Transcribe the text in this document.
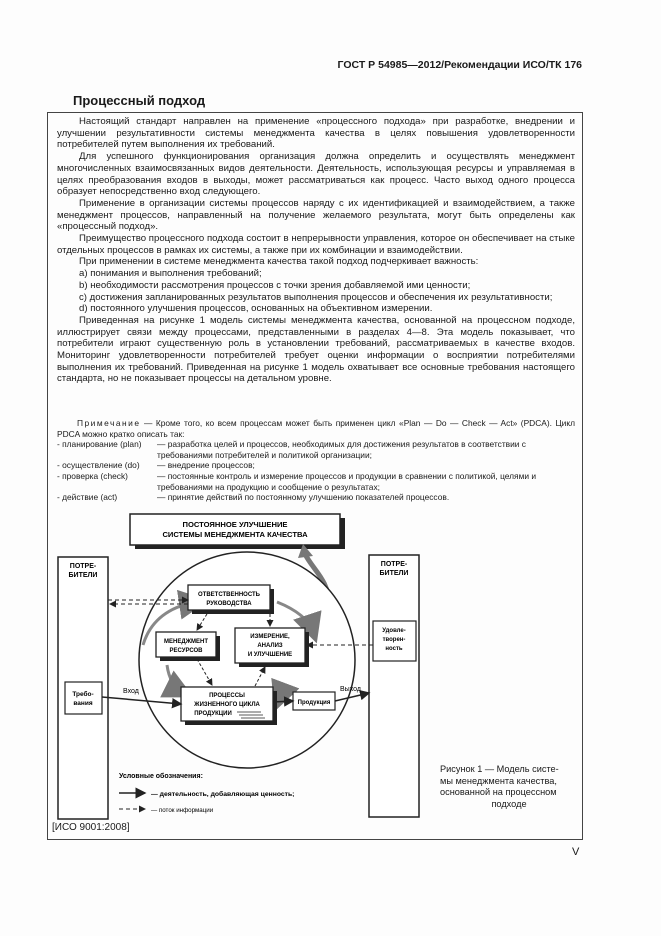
ГОСТ Р 54985—2012/Рекомендации ИСО/ТК 176
Процессный подход

Настоящий стандарт направлен на применение «процессного подхода» при разработке, внедрении и улучшении результативности системы менеджмента качества в целях повышения удовлетворенности потребителей путем выполнения их требований.

Для успешного функционирования организация должна определить и осуществлять менеджмент многочисленных взаимосвязанных видов деятельности. Деятельность, использующая ресурсы и управляемая в целях преобразования входов в выходы, может рассматриваться как процесс. Часто выход одного процесса образует непосредственно вход следующего.

Применение в организации системы процессов наряду с их идентификацией и взаимодействием, а также менеджмент процессов, направленный на получение желаемого результата, могут быть определены как «процессный подход».

Преимущество процессного подхода состоит в непрерывности управления, которое он обеспечивает на стыке отдельных процессов в рамках их системы, а также при их комбинации и взаимодействии.

При применении в системе менеджмента качества такой подход подчеркивает важность:

а) понимания и выполнения требований;

b) необходимости рассмотрения процессов с точки зрения добавляемой ими ценности;

с) достижения запланированных результатов выполнения процессов и обеспечения их результативности;

d) постоянного улучшения процессов, основанных на объективном измерении.

Приведенная на рисунке 1 модель системы менеджмента качества, основанной на процессном подходе, иллюстрирует связи между процессами, представленными в разделах 4—8. Эта модель показывает, что потребители играют существенную роль в установлении требований, рассматриваемых в качестве входов. Мониторинг удовлетворенности потребителей требует оценки информации о восприятии потребителями выполнения их требований. Приведенная на рисунке 1 модель охватывает все основные требования настоящего стандарта, но не показывает процессы на детальном уровне.

Примечание — Кроме того, ко всем процессам может быть применен цикл «Plan — Do — Check — Act» (PDCA). Цикл PDCA можно кратко описать так:

- планирование (plan)	— разработка целей и процессов, необходимых для достижения результатов в соответствии с требованиями потребителей и политикой организации;
- осуществление (do)	— внедрение процессов;
- проверка (check)	— постоянные контроль и измерение процессов и продукции в сравнении с политикой, целями и требованиями на продукцию и сообщение о результатах;
- действие (act)	— принятие действий по постоянному улучшению показателей процессов.
ПОСТОЯННОЕ УЛУЧШЕНИЕ
СИСТЕМЫ МЕНЕДЖМЕНТА КАЧЕСТВА
ПОТРЕ-
БИТЕЛИ
Требо-
вания
ПОТРЕ-
БИТЕЛИ
Удовле-
творен-
ность
ОТВЕТСТВЕННОСТЬ
РУКОВОДСТВА
МЕНЕДЖМЕНТ
РЕСУРСОВ
ИЗМЕРЕНИЕ,
АНАЛИЗ
И УЛУЧШЕНИЕ
ПРОЦЕССЫ
ЖИЗНЕННОГО ЦИКЛА
ПРОДУКЦИИ
Продукция
Вход	Выход
Условные обозначения:
— деятельность, добавляющая ценность;
— поток информации
Рисунок 1 — Модель систе-
мы менеджмента качества,
основанной на процессном
подходе
[ИСО 9001:2008]
V
